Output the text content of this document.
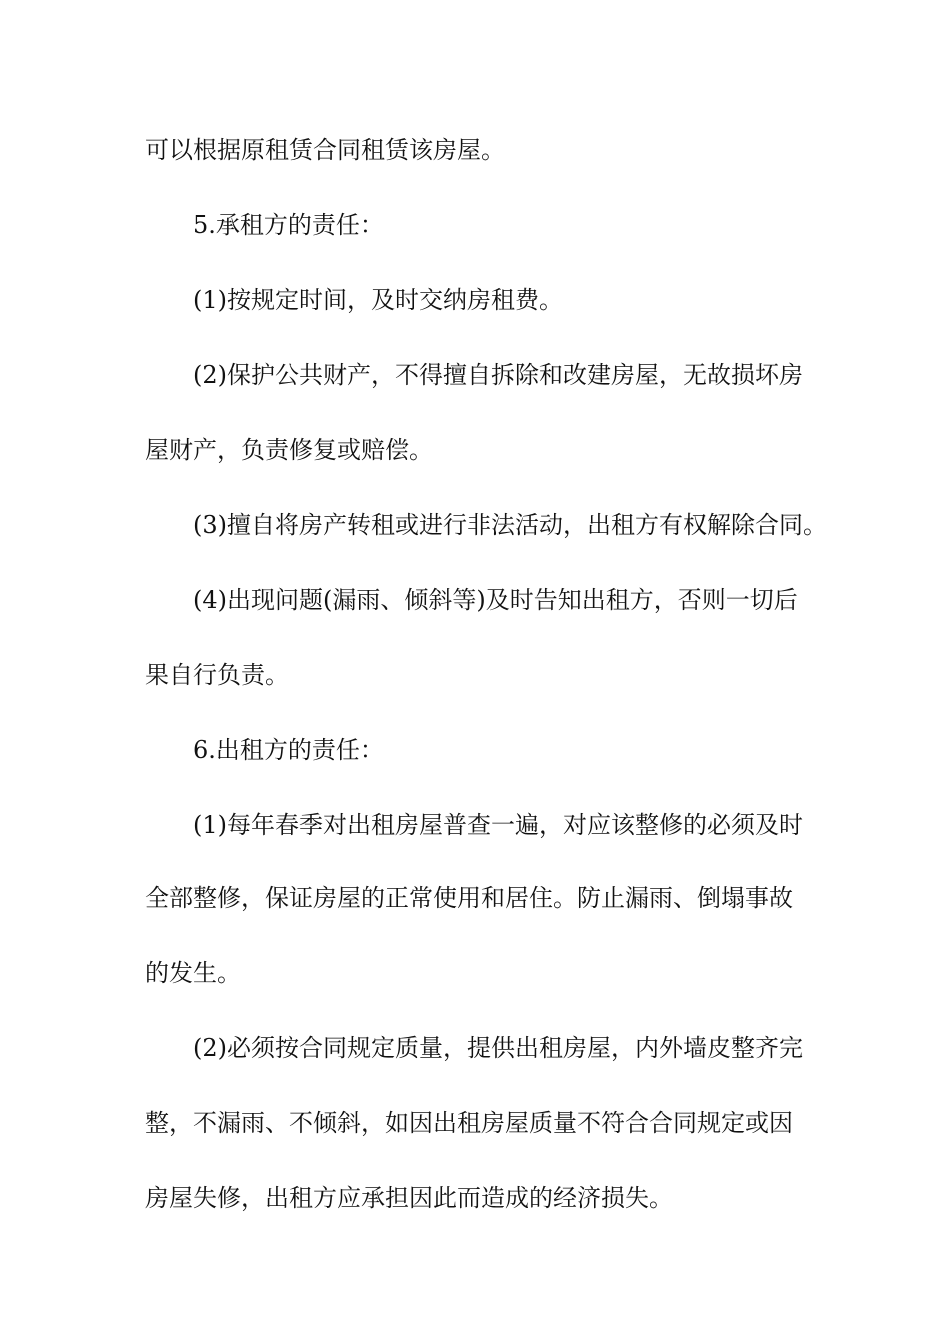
可以根据原租赁合同租赁该房屋。

5.承租方的责任：

(1)按规定时间，及时交纳房租费。

(2)保护公共财产，不得擅自拆除和改建房屋，无故损坏房

屋财产，负责修复或赔偿。

(3)擅自将房产转租或进行非法活动，出租方有权解除合同。

(4)出现问题(漏雨、倾斜等)及时告知出租方，否则一切后

果自行负责。

6.出租方的责任：

(1)每年春季对出租房屋普查一遍，对应该整修的必须及时

全部整修，保证房屋的正常使用和居住。防止漏雨、倒塌事故

的发生。

(2)必须按合同规定质量，提供出租房屋，内外墙皮整齐完

整，不漏雨、不倾斜，如因出租房屋质量不符合合同规定或因

房屋失修，出租方应承担因此而造成的经济损失。
